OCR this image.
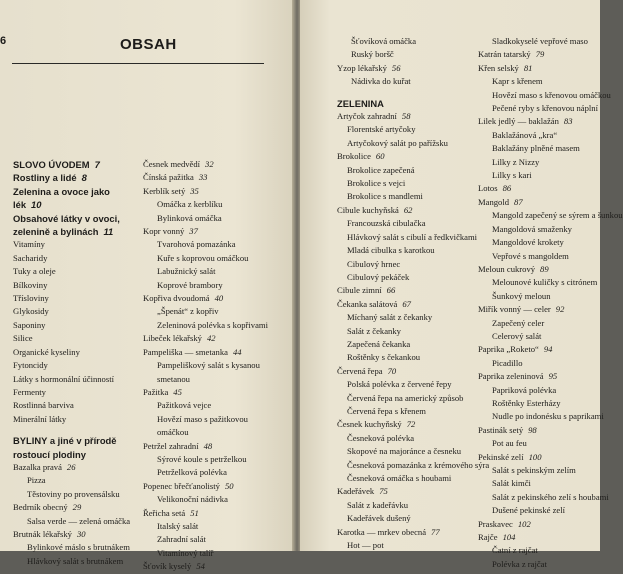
6	OBSAH
SLOVO ÚVODEM 7
Rostliny a lidé 8
Zelenina a ovoce jako lék 10
Obsahové látky v ovoci, zelenině a bylinách 11
Vitamíny
Sacharidy
Tuky a oleje
Bílkoviny
Třísloviny
Glykosidy
Saponiny
Silice
Organické kyseliny
Fytoncidy
Látky s hormonální účinností
Fermenty
Rostlinná barviva
Minerální látky
BYLINY a jiné v přírodě rostoucí plodiny
Bazalka pravá 26
Pizza
Těstoviny po provensálsku
Bedrník obecný 29
Salsa verde — zelená omáčka
Brutnák lékařský 30
Bylinkové máslo s brutnákem
Hlávkový salát s brutnákem
Česnek medvědí 32
Čínská pažitka 33
Kerblík setý 35
Omáčka z kerblíku
Bylinková omáčka
Kopr vonný 37
Tvarohová pomazánka
Kuře s koprovou omáčkou
Labužnický salát
Koprové brambory
Kopřiva dvoudomá 40
„Špenát“ z kopřiv
Zeleninová polévka s kopřivami
Libeček lékařský 42
Pampeliška — smetanka 44
Pampeliškový salát s kysanou
smetanou
Pažitka 45
Pažitková vejce
Hovězí maso s pažitkovou
omáčkou
Petržel zahradní 48
Sýrové koule s petrželkou
Petrželková polévka
Popenec břečťanolistý 50
Velikonoční nádivka
Řeřicha setá 51
Italský salát
Zahradní salát
Vitamínový talíř
Šťovík kyselý 54
Šťovíková omáčka
Ruský boršč
Yzop lékařský 56
Nádivka do kuřat
ZELENINA
Artyčok zahradní 58
Florentské artyčoky
Artyčokový salát po pařížsku
Brokolice 60
Brokolice zapečená
Brokolice s vejci
Brokolice s mandlemi
Cibule kuchyňská 62
Francouzská cibulačka
Hlávkový salát s cibulí a ředkvičkami
Mladá cibulka s karotkou
Cibulový hrnec
Cibulový pekáček
Cibule zimní 66
Čekanka salátová 67
Míchaný salát z čekanky
Salát z čekanky
Zapečená čekanka
Roštěnky s čekankou
Červená řepa 70
Polská polévka z červené řepy
Červená řepa na americký způsob
Červená řepa s křenem
Česnek kuchyňský 72
Česneková polévka
Skopové na majoránce a česneku
Česneková pomazánka z krémového sýra
Česneková omáčka s houbami
Kadeřávek 75
Salát z kadeřávku
Kadeřávek dušený
Karotka — mrkev obecná 77
Hot — pot
Sladkokyselé vepřové maso
Katrán tatarský 79
Křen selský 81
Kapr s křenem
Hovězí maso s křenovou omáčkou
Pečené ryby s křenovou náplní
Lilek jedlý — baklažán 83
Baklažánová „kra“
Baklažány plněné masem
Lilky z Nizzy
Lilky s kari
Lotos 86
Mangold 87
Mangold zapečený se sýrem a šunkou
Mangoldová smaženky
Mangoldové krokety
Vepřové s mangoldem
Meloun cukrový 89
Melounové kuličky s citrónem
Šunkový meloun
Miřík vonný — celer 92
Zapečený celer
Celerový salát
Paprika „Roketo“ 94
Picadillo
Paprika zeleninová 95
Papriková polévka
Roštěnky Esterházy
Nudle po indonésku s paprikami
Pastinák setý 98
Pot au feu
Pekinské zelí 100
Salát s pekinským zelím
Salát kimči
Salát z pekinského zelí s houbami
Dušené pekinské zelí
Praskavec 102
Rajče 104
Čatní z rajčat
Polévka z rajčat
